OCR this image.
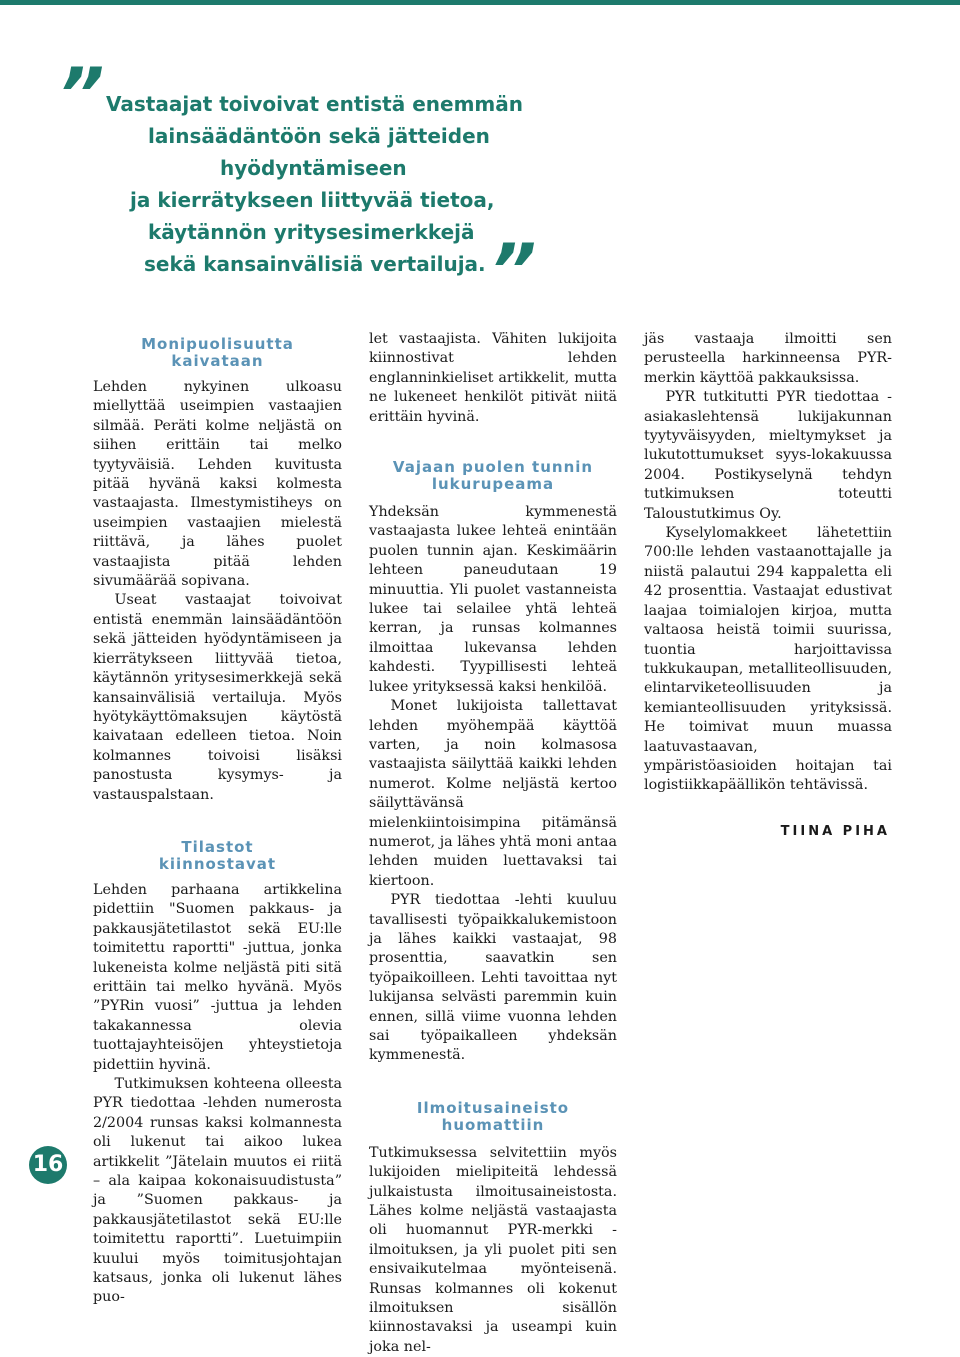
” Vastaajat toivoivat entistä enemmän
lainsäädäntöön sekä jätteiden
hyödyntämiseen
ja kierrätykseen liittyvää tietoa,
käytännön yritysesimerkkejä
sekä kansainvälisiä vertailuja. ”
Monipuolisuutta kaivataan

Lehden nykyinen ulkoasu miellyttää useimpien vastaajien silmää. Peräti kolme neljästä on siihen erittäin tai melko tyytyväisiä. Lehden kuvitusta pitää hyvänä kaksi kolmesta vastaajasta. Ilmestymistiheys on useimpien vastaajien mielestä riittävä, ja lähes puolet vastaajista pitää lehden sivumäärää sopivana.

Useat vastaajat toivoivat entistä enemmän lainsäädäntöön sekä jätteiden hyödyntämiseen ja kierrätykseen liittyvää tietoa, käytännön yritysesimerkkejä sekä kansainvälisiä vertailuja. Myös hyötykäyttömaksujen käytöstä kaivataan edelleen tietoa. Noin kolmannes toivoisi lisäksi panostusta kysymys- ja vastauspalstaan.

Tilastot kiinnostavat

Lehden parhaana artikkelina pidettiin "Suomen pakkaus- ja pakkausjätetilastot sekä EU:lle toimitettu raportti" -juttua, jonka lukeneista kolme neljästä piti sitä erittäin tai melko hyvänä. Myös ”PYRin vuosi” -juttua ja lehden takakannessa olevia tuottajayhteisöjen yhteystietoja pidettiin hyvinä.

Tutkimuksen kohteena olleesta PYR tiedottaa -lehden numerosta 2/2004 runsas kaksi kolmannesta oli lukenut tai aikoo lukea artikkelit ”Jätelain muutos ei riitä – ala kaipaa kokonaisuudistusta” ja ”Suomen pakkaus- ja pakkausjätetilastot sekä EU:lle toimitettu raportti”. Luetuimpiin kuului myös toimitusjohtajan katsaus, jonka oli lukenut lähes puo-

let vastaajista. Vähiten lukijoita kiinnostivat lehden englanninkieliset artikkelit, mutta ne lukeneet henkilöt pitivät niitä erittäin hyvinä.

Vajaan puolen tunnin lukurupeama

Yhdeksän kymmenestä vastaajasta lukee lehteä enintään puolen tunnin ajan. Keskimäärin lehteen paneudutaan 19 minuuttia. Yli puolet vastanneista lukee tai selailee yhtä lehteä kerran, ja runsas kolmannes ilmoittaa lukevansa lehden kahdesti. Tyypillisesti lehteä lukee yrityksessä kaksi henkilöä.

Monet lukijoista tallettavat lehden myöhempää käyttöä varten, ja noin kolmasosa vastaajista säilyttää kaikki lehden numerot. Kolme neljästä kertoo säilyttävänsä mielenkiintoisimpina pitämänsä numerot, ja lähes yhtä moni antaa lehden muiden luettavaksi tai kiertoon.

PYR tiedottaa -lehti kuuluu tavallisesti työpaikkalukemistoon ja lähes kaikki vastaajat, 98 prosenttia, saavatkin sen työpaikoilleen. Lehti tavoittaa nyt lukijansa selvästi paremmin kuin ennen, sillä viime vuonna lehden sai työpaikalleen yhdeksän kymmenestä.

Ilmoitusaineisto huomattiin

Tutkimuksessa selvitettiin myös lukijoiden mielipiteitä lehdessä julkaistusta ilmoitusaineistosta. Lähes kolme neljästä vastaajasta oli huomannut PYR-merkki -ilmoituksen, ja yli puolet piti sen ensivaikutelmaa myönteisenä. Runsas kolmannes oli kokenut ilmoituksen sisällön kiinnostavaksi ja useampi kuin joka nel-

jäs vastaaja ilmoitti sen perusteella harkinneensa PYR-merkin käyttöä pakkauksissa.

PYR tutkitutti PYR tiedottaa -asiakaslehtensä lukijakunnan tyytyväisyyden, mieltymykset ja lukutottumukset syys-lokakuussa 2004. Postikyselynä tehdyn tutkimuksen toteutti Taloustutkimus Oy.

Kyselylomakkeet lähetettiin 700:lle lehden vastaanottajalle ja niistä palautui 294 kappaletta eli 42 prosenttia. Vastaajat edustivat laajaa toimialojen kirjoa, mutta valtaosa heistä toimii suurissa, tuontia harjoittavissa tukkukaupan, metalliteollisuuden, elintarviketeollisuuden ja kemianteollisuuden yrityksissä. He toimivat muun muassa laatuvastaavan, ympäristöasioiden hoitajan tai logistiikkapäällikön tehtävissä.

TIINA PIHA
16
